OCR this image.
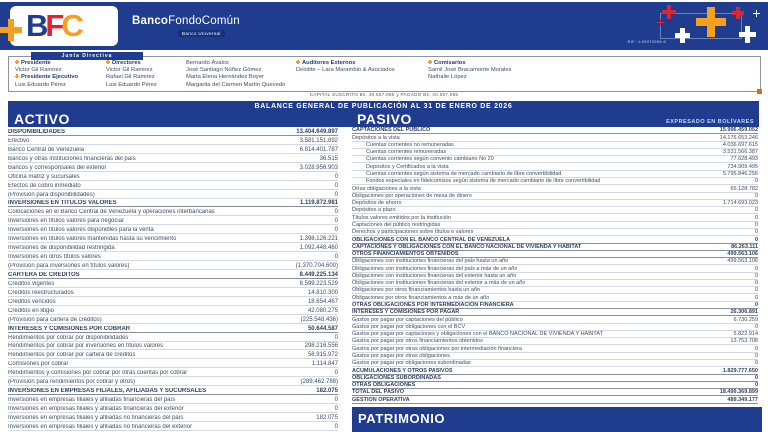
BFC	BancoFondoComún
Banco Universal
RIF: J-09072996-6
Junta Directiva
Presidente
Victor Gil Ramirez
Presidente Ejecutivo
Luis Eduardo Pérez
Directores
Victor Gil Ramirez
Rafael Gil Ramirez
Luis Eduardo Pérez
Bernardo Ávalos
José Santiago Núñez Gómez
Marta Elena Hernández Boyer
Margarita del Carmen Martín Quevedo
Auditores Externos
Deloitte – Lara Marambio & Asociados
Comisarios
Samil José Bracamonte Morales
Nathalie López
CAPITAL SUSCRITO Bs. 40.557.065 y PAGADO Bs. 40.557.065
BALANCE GENERAL DE PUBLICACIÓN AL 31 DE ENERO DE 2026
ACTIVO	PASIVO	EXPRESADO EN BOLÍVARES
DISPONIBILIDADES	13.404.649.897
Efectivo	3.581.151.892
Banco Central de Venezuela	6.814.401.787
Bancos y otras instituciones financieras del país	36.515
Bancos y corresponsales del exterior	3.028.956.903
Oficina matriz y sucursales	0
Efectos de cobro inmediato	0
(Provisión para disponibilidades)	0
INVERSIONES EN TÍTULOS VALORES	1.119.872.981
Colocaciones en el Banco Central de Venezuela y operaciones interbancarias	0
Inversiones en títulos valores para negociar	0
Inversiones en títulos valores disponibles para la venta	0
Inversiones en títulos valores mantenidas hasta su vencimiento	1.398.126.221
Inversiones de disponibilidad restringida	1.092.448.460
Inversiones en otros títulos valores	0
(Provisión para inversiones en títulos valores)	(1.370.704.600)
CARTERA DE CRÉDITOS	8.449.225.134
Créditos vigentes	8.599.223.529
Créditos reestructurados	14.810.300
Créditos vencidos	18.654.467
Créditos en litigio	42.080.275
(Provisión para cartera de créditos)	(225.548.436)
INTERESES Y COMISIONES POR COBRAR	50.644.587
Rendimientos por cobrar por disponibilidades	0
Rendimientos por cobrar por inversiones en títulos valores	298.216.556
Rendimientos por cobrar por cartera de créditos	58.915.972
Comisiones por cobrar	1.114.847
Rendimientos y comisiones por cobrar por otras cuentas por cobrar	0
(Provisión para rendimientos por cobrar y otros)	(289.462.788)
INVERSIONES EN EMPRESAS FILIALES, AFILIADAS Y SUCURSALES	182.075
Inversiones en empresas filiales y afiliadas financieras del país	0
Inversiones en empresas filiales y afiliadas financieras del exterior	0
Inversiones en empresas filiales y afiliadas no financieras del país	182.075
Inversiones en empresas filiales y afiliadas no financieras del exterior	0
CAPTACIONES DEL PÚBLICO	15.996.459.052
Depósitos a la vista	14.176.653.246
Cuentas corrientes no remuneradas	4.036.697.615
Cuentas corrientes remuneradas	3.531.566.387
Cuentas corrientes según convenio cambiario No 20	77.628.493
Depósitos y Certificados a la vista	734.909.495
Cuentas corrientes según sistema de mercado cambiario de libre convertibilidad	5.795.846.256
Fondos especiales en fideicomisos según sistema de mercado cambiario de libre convertibilidad	0
Otras obligaciones a la vista	65.128.782
Obligaciones por operaciones de mesa de dinero	0
Depósitos de ahorro	1.714.693.023
Depósitos a plazo	0
Títulos valores emitidos por la institución	0
Captaciones del público restringidas	0
Derechos y participaciones sobre títulos o valores	0
OBLIGACIONES CON EL BANCO CENTRAL DE VENEZUELA	0
CAPTACIONES Y OBLIGACIONES CON EL BANCO NACIONAL DE VIVIENDA Y HABITAT	86.263.111
OTROS FINANCIAMIENTOS OBTENIDOS	499.563.106
Obligaciones con instituciones financieras del país hasta un año	499.563.106
Obligaciones con instituciones financieras del país a más de un año	0
Obligaciones con instituciones financieras del exterior hasta un año	0
Obligaciones con instituciones financieras del exterior a más de un año	0
Obligaciones por otros financiamientos hasta un año	0
Obligaciones por otros financiamientos a más de un año	0
OTRAS OBLIGACIONES POR INTERMEDIACIÓN FINANCIERA	0
INTERESES Y COMISIONES POR PAGAR	26.306.891
Gastos por pagar por captaciones del público	6.730.259
Gastos por pagar por obligaciones con el BCV	0
Gastos por pagar por captaciones y obligaciones con el BANCO NACIONAL DE VIVIENDA Y HABITAT	5.822.914
Gastos por pagar por otros financiamientos obtenidos	13.753.708
Gastos por pagar por otras obligaciones por intermediación financiera	0
Gastos por pagar por otras obligaciones	0
Gastos por pagar por obligaciones subordinadas	0
ACUMULACIONES Y OTROS PASIVOS	1.829.777.650
OBLIGACIONES SUBORDINADAS	0
OTRAS OBLIGACIONES	0
TOTAL DEL PASIVO	18.499.369.899
GESTIÓN OPERATIVA	489.349.177
PATRIMONIO
